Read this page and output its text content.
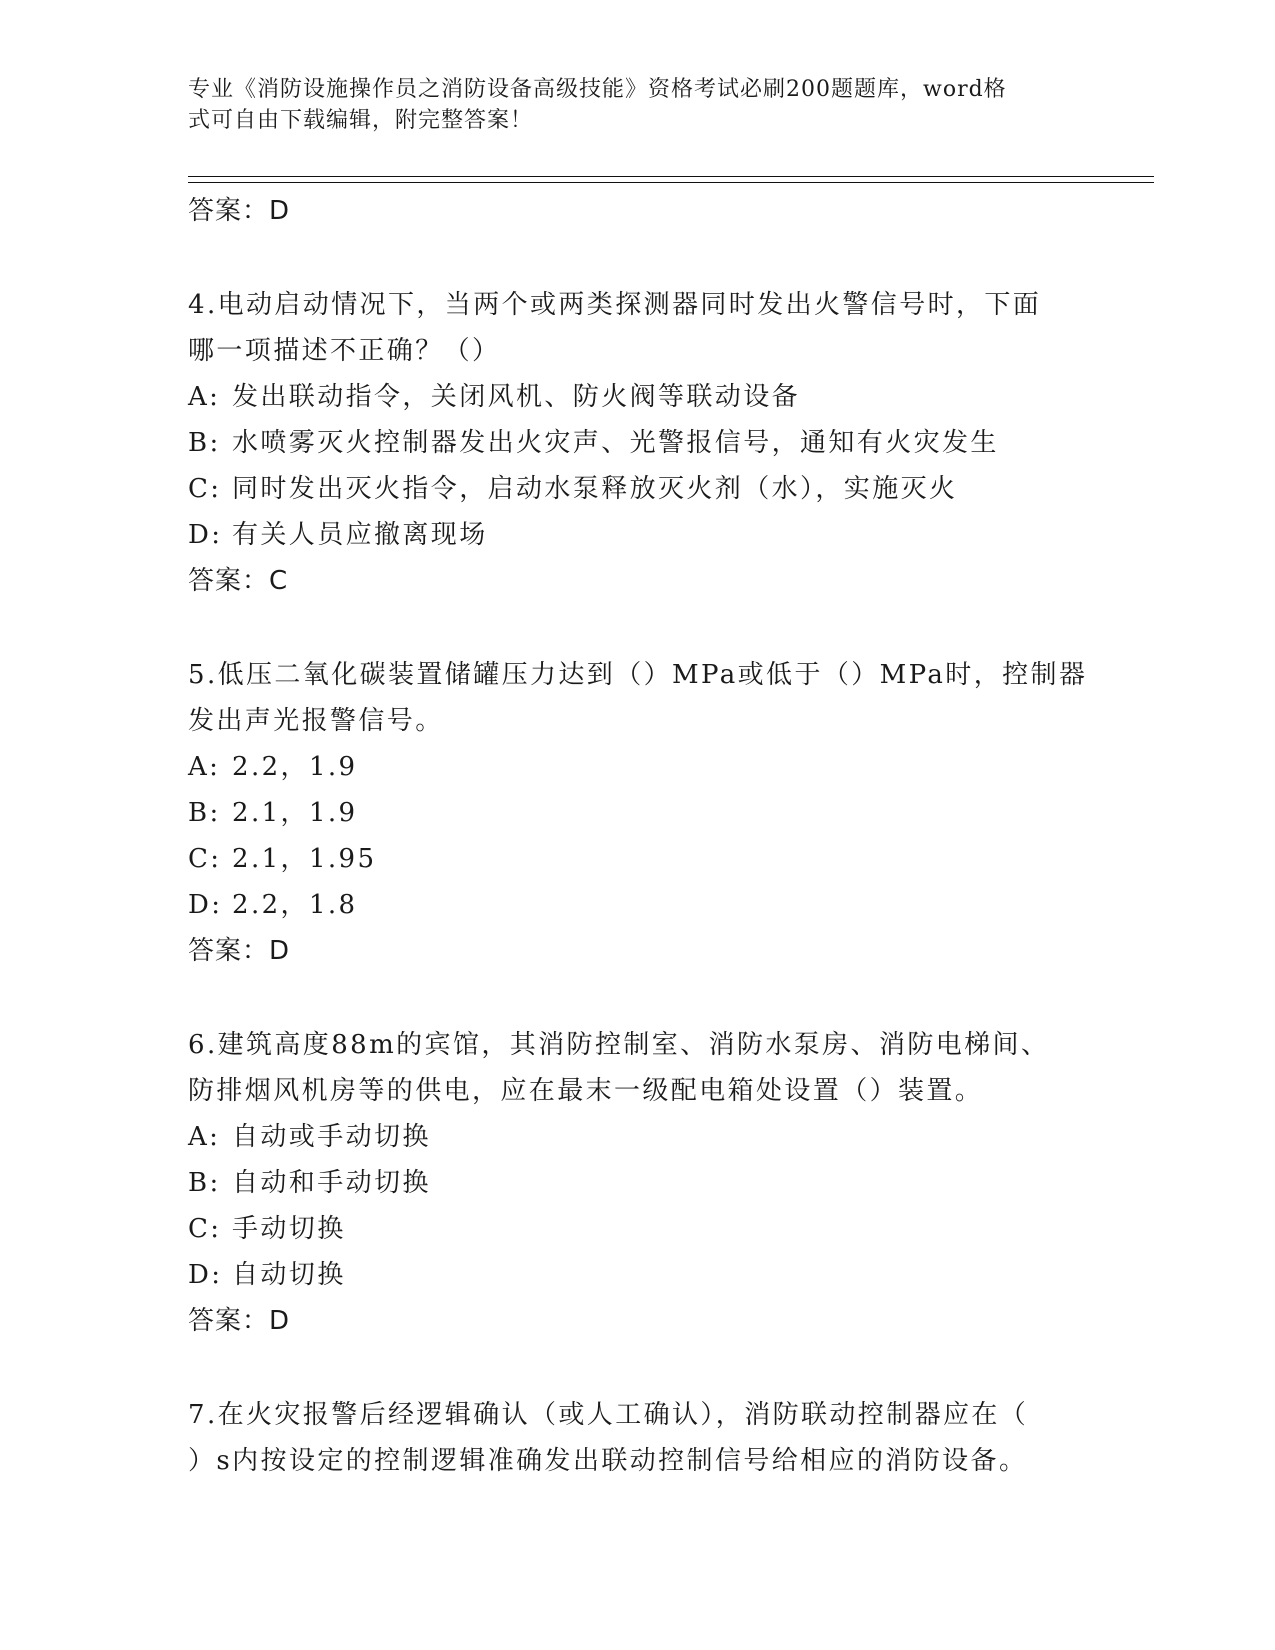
专业《消防设施操作员之消防设备高级技能》资格考试必刷200题题库，word格
式可自由下载编辑，附完整答案！
答案：D
4.电动启动情况下，当两个或两类探测器同时发出火警信号时，下面
哪一项描述不正确？（）
A: 发出联动指令，关闭风机、防火阀等联动设备
B: 水喷雾灭火控制器发出火灾声、光警报信号，通知有火灾发生
C: 同时发出灭火指令，启动水泵释放灭火剂（水），实施灭火
D: 有关人员应撤离现场
答案：C
5.低压二氧化碳装置储罐压力达到（）MPa或低于（）MPa时，控制器
发出声光报警信号。
A: 2.2，1.9
B: 2.1，1.9
C: 2.1，1.95
D: 2.2，1.8
答案：D
6.建筑高度88m的宾馆，其消防控制室、消防水泵房、消防电梯间、
防排烟风机房等的供电，应在最末一级配电箱处设置（）装置。
A: 自动或手动切换
B: 自动和手动切换
C: 手动切换
D: 自动切换
答案：D
7.在火灾报警后经逻辑确认（或人工确认），消防联动控制器应在（
）s内按设定的控制逻辑准确发出联动控制信号给相应的消防设备。
